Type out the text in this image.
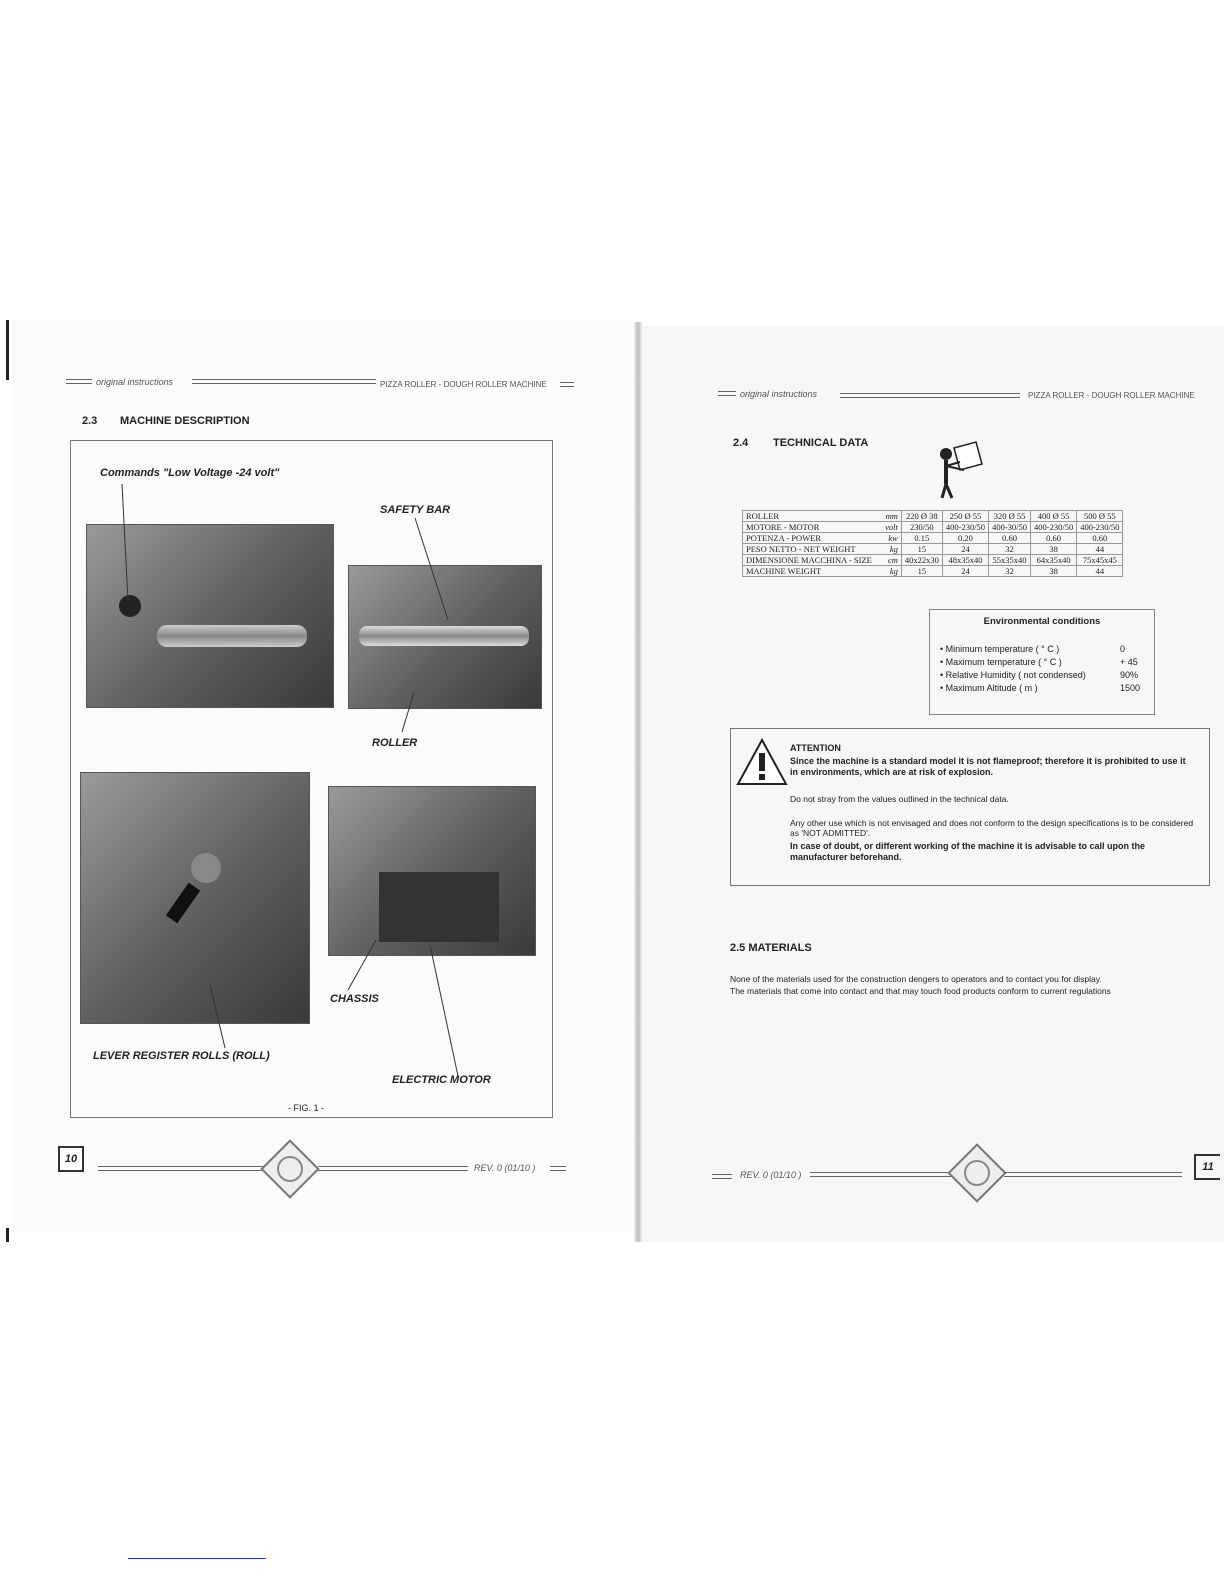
original instructions	PIZZA ROLLER - DOUGH ROLLER MACHINE
2.3 MACHINE DESCRIPTION
Commands "Low Voltage -24 volt"
SAFETY BAR
ROLLER
CHASSIS
LEVER REGISTER ROLLS (ROLL)
ELECTRIC MOTOR
- FIG. 1 -
10
REV. 0 (01/10 )
original instructions	PIZZA ROLLER - DOUGH ROLLER MACHINE
2.4 TECHNICAL DATA
ROLLER	mm	220 Ø 38	250 Ø 55	320 Ø 55	400 Ø 55	500 Ø 55
MOTORE - MOTOR	volt	230/50	400-230/50	400-30/50	400-230/50	400-230/50
POTENZA - POWER	kw	0.15	0.20	0.60	0.60	0.60
PESO NETTO - NET WEIGHT	kg	15	24	32	38	44
DIMENSIONE MACCHINA - SIZE	cm	40x22x30	48x35x40	55x35x40	64x35x40	75x45x45
MACHINE WEIGHT	kg	15	24	32	38	44
Environmental conditions
• Minimum temperature ( ° C )	0
• Maximum temperature ( ° C )	+ 45
• Relative Humidity ( not condensed)	90%
• Maximum Altitude ( m )	1500
ATTENTION
Since the machine is a standard model it is not flameproof; therefore it is prohibited to use it in environments, which are at risk of explosion.
Do not stray from the values outlined in the technical data.
Any other use which is not envisaged and does not conform to the design specifications is to be considered as 'NOT ADMITTED'.
In case of doubt, or different working of the machine it is advisable to call upon the manufacturer beforehand.
2.5 MATERIALS
None of the materials used for the construction dengers to operators and to contact you for display.
The materials that come into contact and that may touch food products conform to current regulations
REV. 0 (01/10 )
11
